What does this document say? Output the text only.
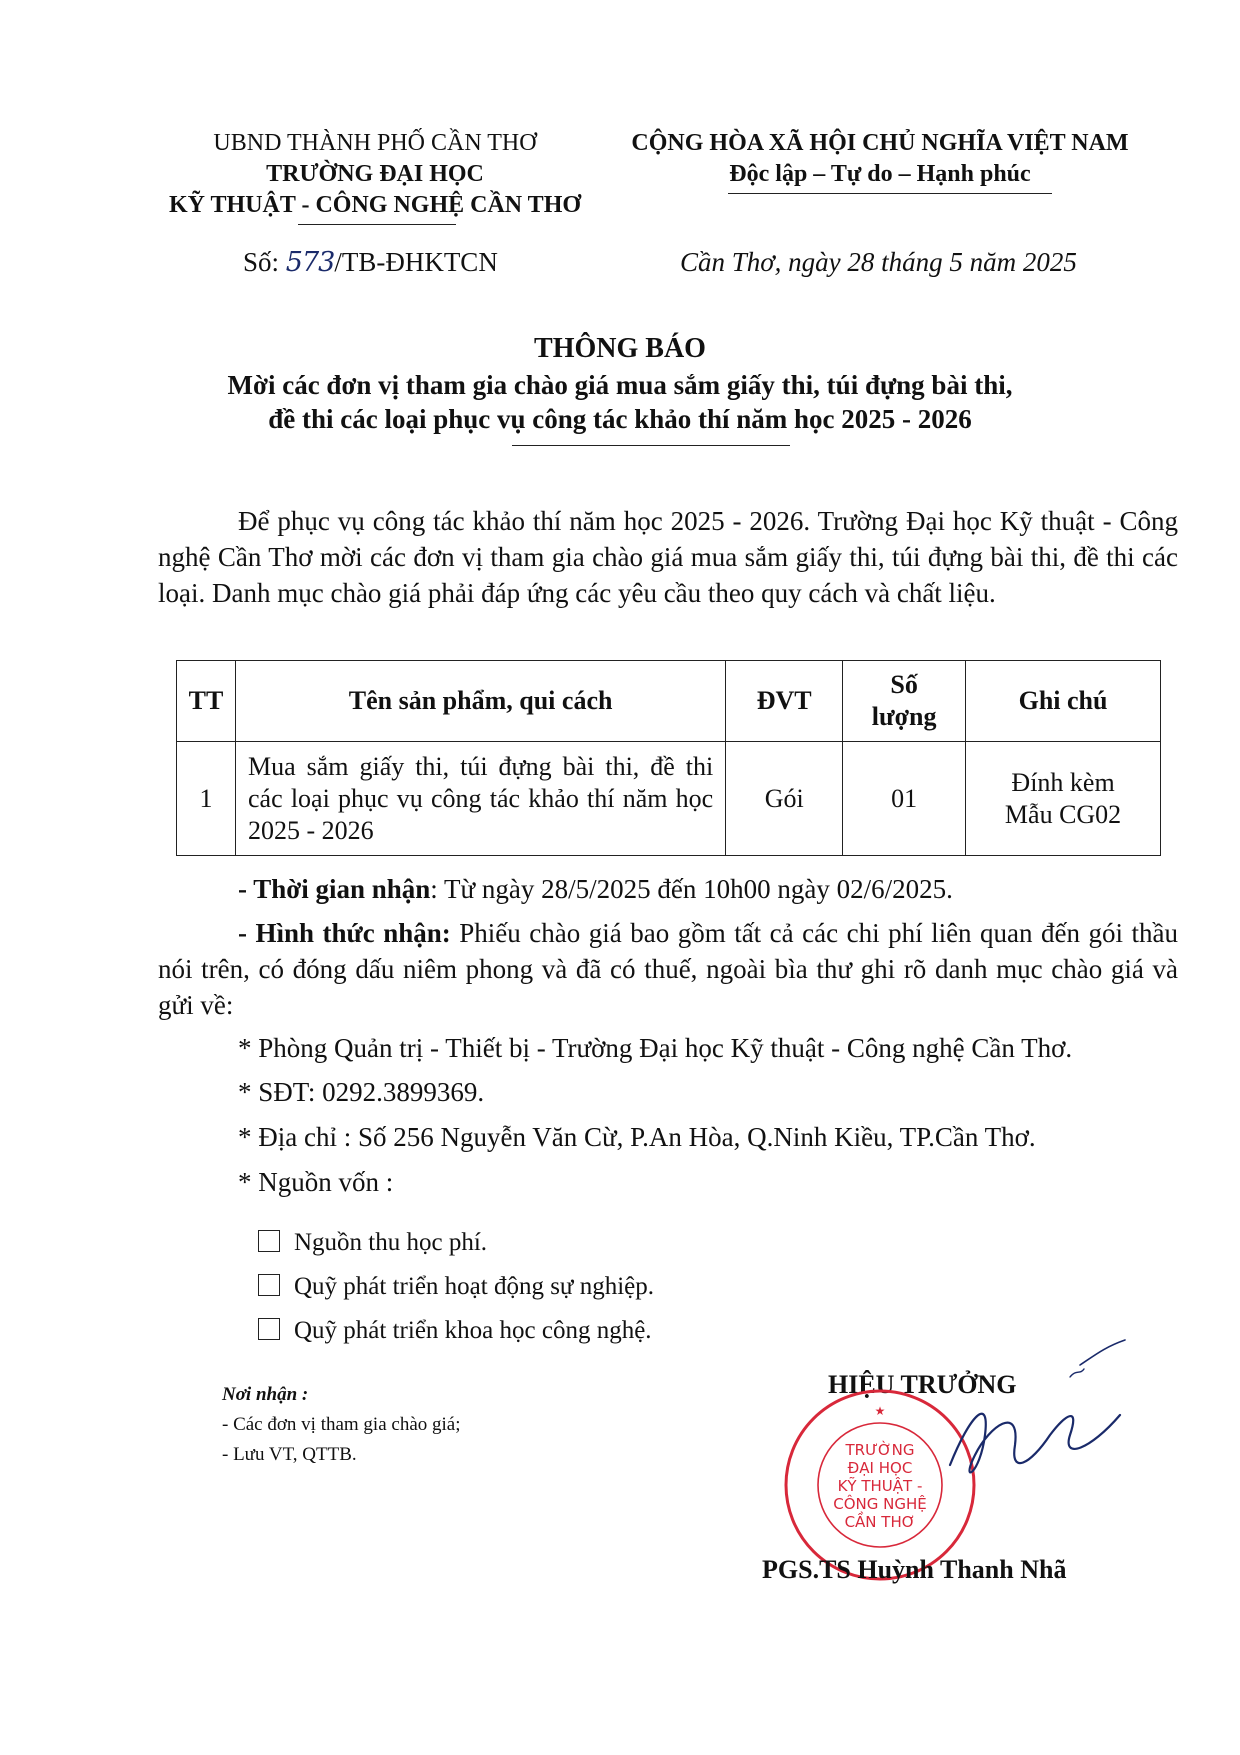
UBND THÀNH PHỐ CẦN THƠ
TRƯỜNG ĐẠI HỌC
KỸ THUẬT - CÔNG NGHỆ CẦN THƠ
CỘNG HÒA XÃ HỘI CHỦ NGHĨA VIỆT NAM
Độc lập – Tự do – Hạnh phúc
Số: 573/TB-ĐHKTCN	Cần Thơ, ngày 28 tháng 5 năm 2025
THÔNG BÁO
Mời các đơn vị tham gia chào giá mua sắm giấy thi, túi đựng bài thi,
đề thi các loại phục vụ công tác khảo thí năm học 2025 - 2026
Để phục vụ công tác khảo thí năm học 2025 - 2026. Trường Đại học Kỹ thuật - Công nghệ Cần Thơ mời các đơn vị tham gia chào giá mua sắm giấy thi, túi đựng bài thi, đề thi các loại. Danh mục chào giá phải đáp ứng các yêu cầu theo quy cách và chất liệu.
TT	Tên sản phẩm, qui cách	ĐVT	Số lượng	Ghi chú
1	Mua sắm giấy thi, túi đựng bài thi, đề thi các loại phục vụ công tác khảo thí năm học 2025 - 2026	Gói	01	Đính kèm Mẫu CG02
- Thời gian nhận: Từ ngày 28/5/2025 đến 10h00 ngày 02/6/2025.
- Hình thức nhận: Phiếu chào giá bao gồm tất cả các chi phí liên quan đến gói thầu nói trên, có đóng dấu niêm phong và đã có thuế, ngoài bìa thư ghi rõ danh mục chào giá và gửi về:
* Phòng Quản trị - Thiết bị - Trường Đại học Kỹ thuật - Công nghệ Cần Thơ.
* SĐT: 0292.3899369.
* Địa chỉ : Số 256 Nguyễn Văn Cừ, P.An Hòa, Q.Ninh Kiều, TP.Cần Thơ.
* Nguồn vốn :
Nguồn thu học phí.
Quỹ phát triển hoạt động sự nghiệp.
Quỹ phát triển khoa học công nghệ.
Nơi nhận :
- Các đơn vị tham gia chào giá;
- Lưu VT, QTTB.
HIỆU TRƯỞNG
★
TRƯỜNG
ĐẠI HỌC
KỸ THUẬT -
CÔNG NGHỆ
CẦN THƠ
PGS.TS Huỳnh Thanh Nhã
